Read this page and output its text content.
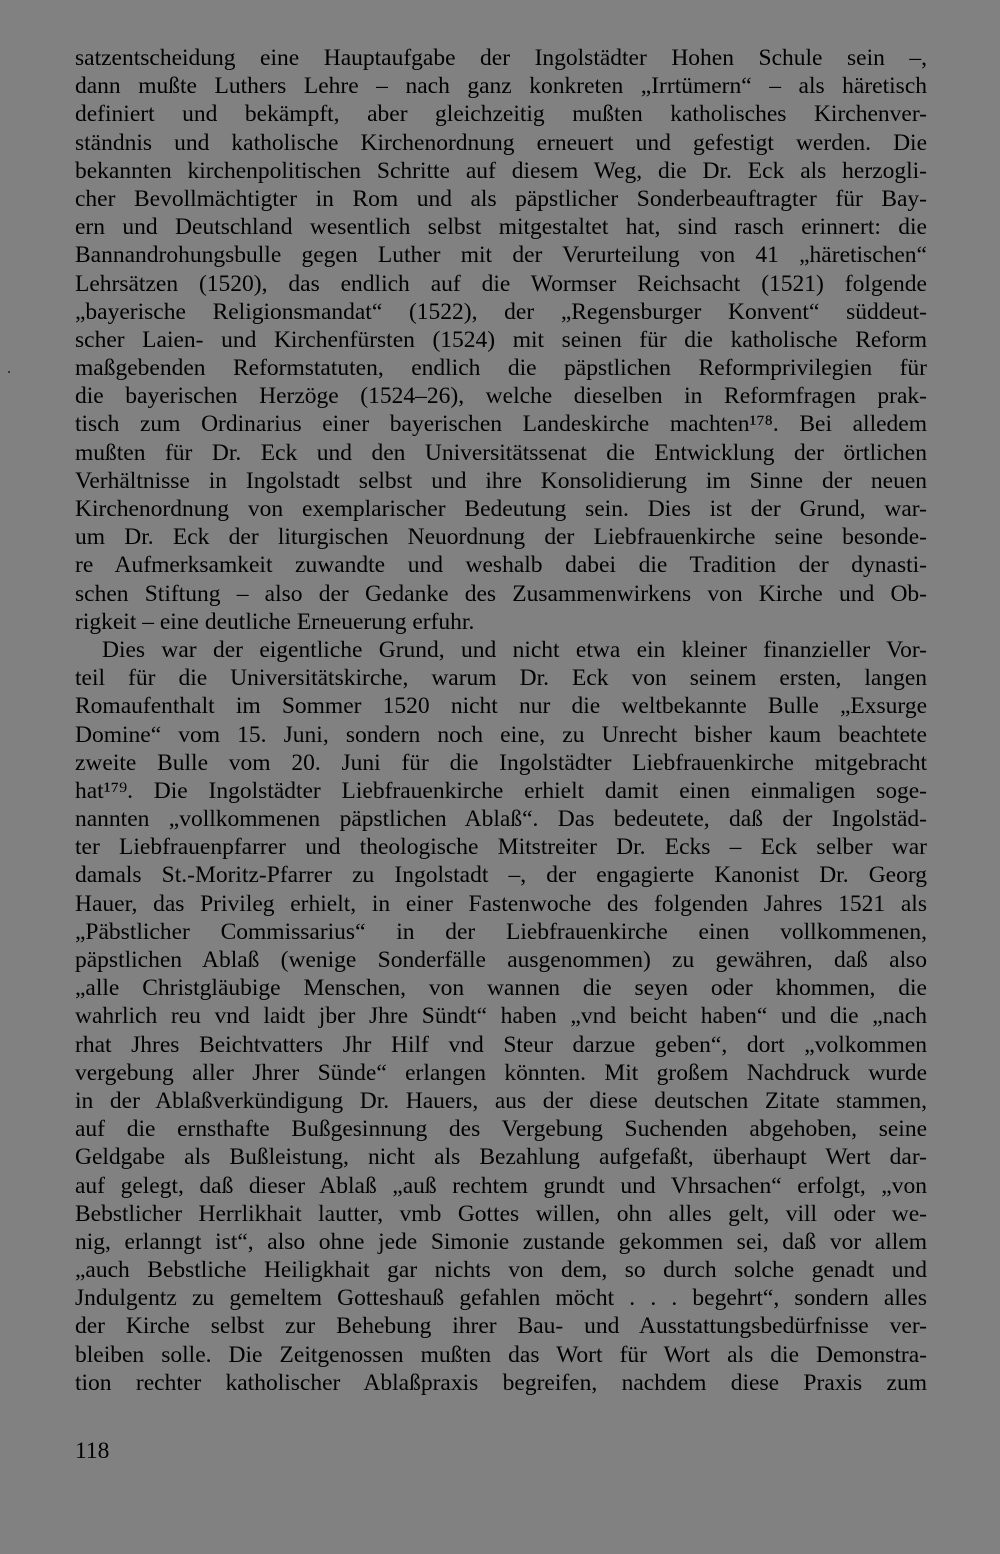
satzentscheidung eine Hauptaufgabe der Ingolstädter Hohen Schule sein –,
dann mußte Luthers Lehre – nach ganz konkreten „Irrtümern“ – als häretisch
definiert und bekämpft, aber gleichzeitig mußten katholisches Kirchenver-
ständnis und katholische Kirchenordnung erneuert und gefestigt werden. Die
bekannten kirchenpolitischen Schritte auf diesem Weg, die Dr. Eck als herzogli-
cher Bevollmächtigter in Rom und als päpstlicher Sonderbeauftragter für Bay-
ern und Deutschland wesentlich selbst mitgestaltet hat, sind rasch erinnert: die
Bannandrohungsbulle gegen Luther mit der Verurteilung von 41 „häretischen“
Lehrsätzen (1520), das endlich auf die Wormser Reichsacht (1521) folgende
„bayerische Religionsmandat“ (1522), der „Regensburger Konvent“ süddeut-
scher Laien- und Kirchenfürsten (1524) mit seinen für die katholische Reform
maßgebenden Reformstatuten, endlich die päpstlichen Reformprivilegien für
die bayerischen Herzöge (1524–26), welche dieselben in Reformfragen prak-
tisch zum Ordinarius einer bayerischen Landeskirche machten¹⁷⁸. Bei alledem
mußten für Dr. Eck und den Universitätssenat die Entwicklung der örtlichen
Verhältnisse in Ingolstadt selbst und ihre Konsolidierung im Sinne der neuen
Kirchenordnung von exemplarischer Bedeutung sein. Dies ist der Grund, war-
um Dr. Eck der liturgischen Neuordnung der Liebfrauenkirche seine besonde-
re Aufmerksamkeit zuwandte und weshalb dabei die Tradition der dynasti-
schen Stiftung – also der Gedanke des Zusammenwirkens von Kirche und Ob-
rigkeit – eine deutliche Erneuerung erfuhr.
Dies war der eigentliche Grund, und nicht etwa ein kleiner finanzieller Vor-
teil für die Universitätskirche, warum Dr. Eck von seinem ersten, langen
Romaufenthalt im Sommer 1520 nicht nur die weltbekannte Bulle „Exsurge
Domine“ vom 15. Juni, sondern noch eine, zu Unrecht bisher kaum beachtete
zweite Bulle vom 20. Juni für die Ingolstädter Liebfrauenkirche mitgebracht
hat¹⁷⁹. Die Ingolstädter Liebfrauenkirche erhielt damit einen einmaligen soge-
nannten „vollkommenen päpstlichen Ablaß“. Das bedeutete, daß der Ingolstäd-
ter Liebfrauenpfarrer und theologische Mitstreiter Dr. Ecks – Eck selber war
damals St.-Moritz-Pfarrer zu Ingolstadt –, der engagierte Kanonist Dr. Georg
Hauer, das Privileg erhielt, in einer Fastenwoche des folgenden Jahres 1521 als
„Päbstlicher Commissarius“ in der Liebfrauenkirche einen vollkommenen,
päpstlichen Ablaß (wenige Sonderfälle ausgenommen) zu gewähren, daß also
„alle Christgläubige Menschen, von wannen die seyen oder khommen, die
wahrlich reu vnd laidt jber Jhre Sündt“ haben „vnd beicht haben“ und die „nach
rhat Jhres Beichtvatters Jhr Hilf vnd Steur darzue geben“, dort „volkommen
vergebung aller Jhrer Sünde“ erlangen könnten. Mit großem Nachdruck wurde
in der Ablaßverkündigung Dr. Hauers, aus der diese deutschen Zitate stammen,
auf die ernsthafte Bußgesinnung des Vergebung Suchenden abgehoben, seine
Geldgabe als Bußleistung, nicht als Bezahlung aufgefaßt, überhaupt Wert dar-
auf gelegt, daß dieser Ablaß „auß rechtem grundt und Vhrsachen“ erfolgt, „von
Bebstlicher Herrlikhait lautter, vmb Gottes willen, ohn alles gelt, vill oder we-
nig, erlanngt ist“, also ohne jede Simonie zustande gekommen sei, daß vor allem
„auch Bebstliche Heiligkhait gar nichts von dem, so durch solche genadt und
Jndulgentz zu gemeltem Gotteshauß gefahlen möcht . . . begehrt“, sondern alles
der Kirche selbst zur Behebung ihrer Bau- und Ausstattungsbedürfnisse ver-
bleiben solle. Die Zeitgenossen mußten das Wort für Wort als die Demonstra-
tion rechter katholischer Ablaßpraxis begreifen, nachdem diese Praxis zum
118
